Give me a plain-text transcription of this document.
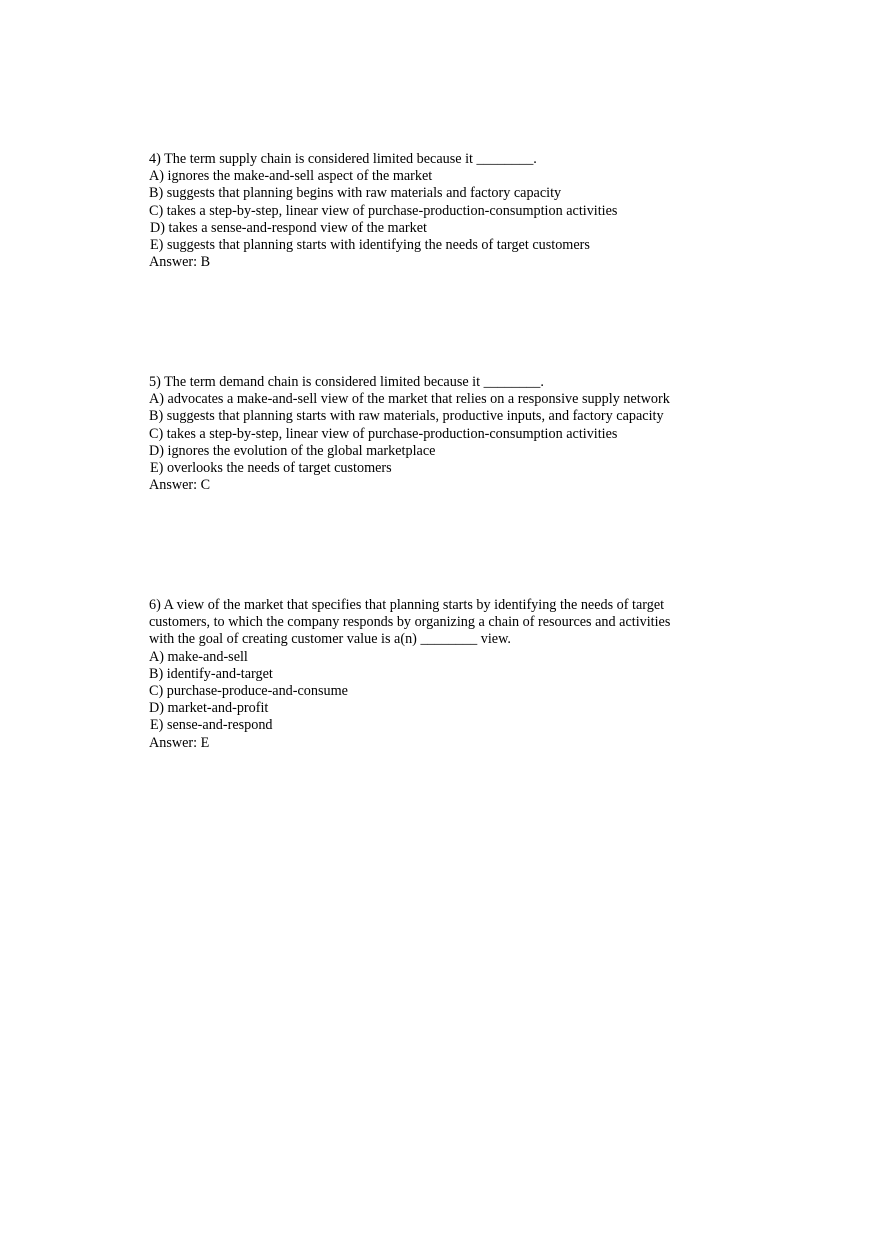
4) The term supply chain is considered limited because it ________.
A) ignores the make-and-sell aspect of the market
B) suggests that planning begins with raw materials and factory capacity
C) takes a step-by-step, linear view of purchase-production-consumption activities
D) takes a sense-and-respond view of the market
E) suggests that planning starts with identifying the needs of target customers
Answer: B
5) The term demand chain is considered limited because it ________.
A) advocates a make-and-sell view of the market that relies on a responsive supply network
B) suggests that planning starts with raw materials, productive inputs, and factory capacity
C) takes a step-by-step, linear view of purchase-production-consumption activities
D) ignores the evolution of the global marketplace
E) overlooks the needs of target customers
Answer: C
6) A view of the market that specifies that planning starts by identifying the needs of target
customers, to which the company responds by organizing a chain of resources and activities
with the goal of creating customer value is a(n) ________ view.
A) make-and-sell
B) identify-and-target
C) purchase-produce-and-consume
D) market-and-profit
E) sense-and-respond
Answer: E
